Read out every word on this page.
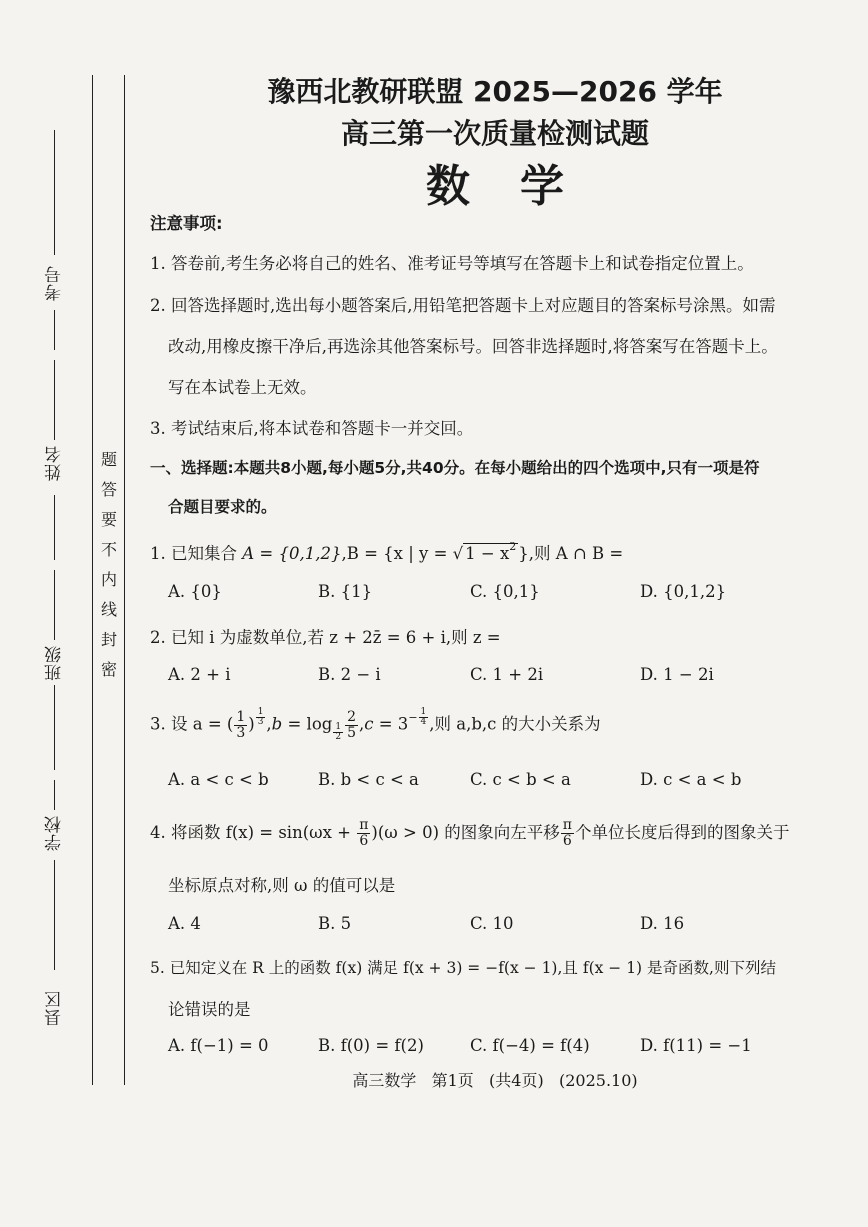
考号
姓名
班级
学校
县区
题
答
要
不
内
线
封
密
豫西北教研联盟 2025—2026 学年
高三第一次质量检测试题
数学
注意事项:
1. 答卷前,考生务必将自己的姓名、准考证号等填写在答题卡上和试卷指定位置上。
2. 回答选择题时,选出每小题答案后,用铅笔把答题卡上对应题目的答案标号涂黑。如需
改动,用橡皮擦干净后,再选涂其他答案标号。回答非选择题时,将答案写在答题卡上。
写在本试卷上无效。
3. 考试结束后,将本试卷和答题卡一并交回。
一、选择题:本题共8小题,每小题5分,共40分。在每小题给出的四个选项中,只有一项是符
合题目要求的。
1. 已知集合 A = {0,1,2},B = {x | y = √ $1 - x^2$ },则 A ∩ B =
A. {0}	B. {1}	C. {0,1}	D. {0,1,2}
2. 已知 i 为虚数单位,若 z + 2z̄ = 6 + i,则 z =
A. 2 + i	B. 2 − i	C. 1 + 2i	D. 1 − 2i
3. 设 a = ( $\frac{1}{3}$ ) $^{\frac{1}{3}}$ $,b = \log _{\frac{1}{2}} \frac{2}{5} ,c = 3^{- \frac{1}{4}}$ ,则 a,b,c 的大小关系为
A. a < c < b	B. b < c < a	C. c < b < a	D. c < a < b
4. 将函数 $f(x) = \sin(\omega x + \frac{\pi}{6} )(\omega > 0)$ 的图象向左平移 $\frac{\pi}{6}$ 个单位长度后得到的图象关于
坐标原点对称,则 ω 的值可以是
A. 4	B. 5	C. 10	D. 16
5. 已知定义在 R 上的函数 f(x) 满足 f(x + 3) = −f(x − 1),且 f(x − 1) 是奇函数,则下列结
论错误的是
A. f(−1) = 0	B. f(0) = f(2)	C. f(−4) = f(4)	D. f(11) = −1
高三数学   第1页   (共4页)   (2025.10)
